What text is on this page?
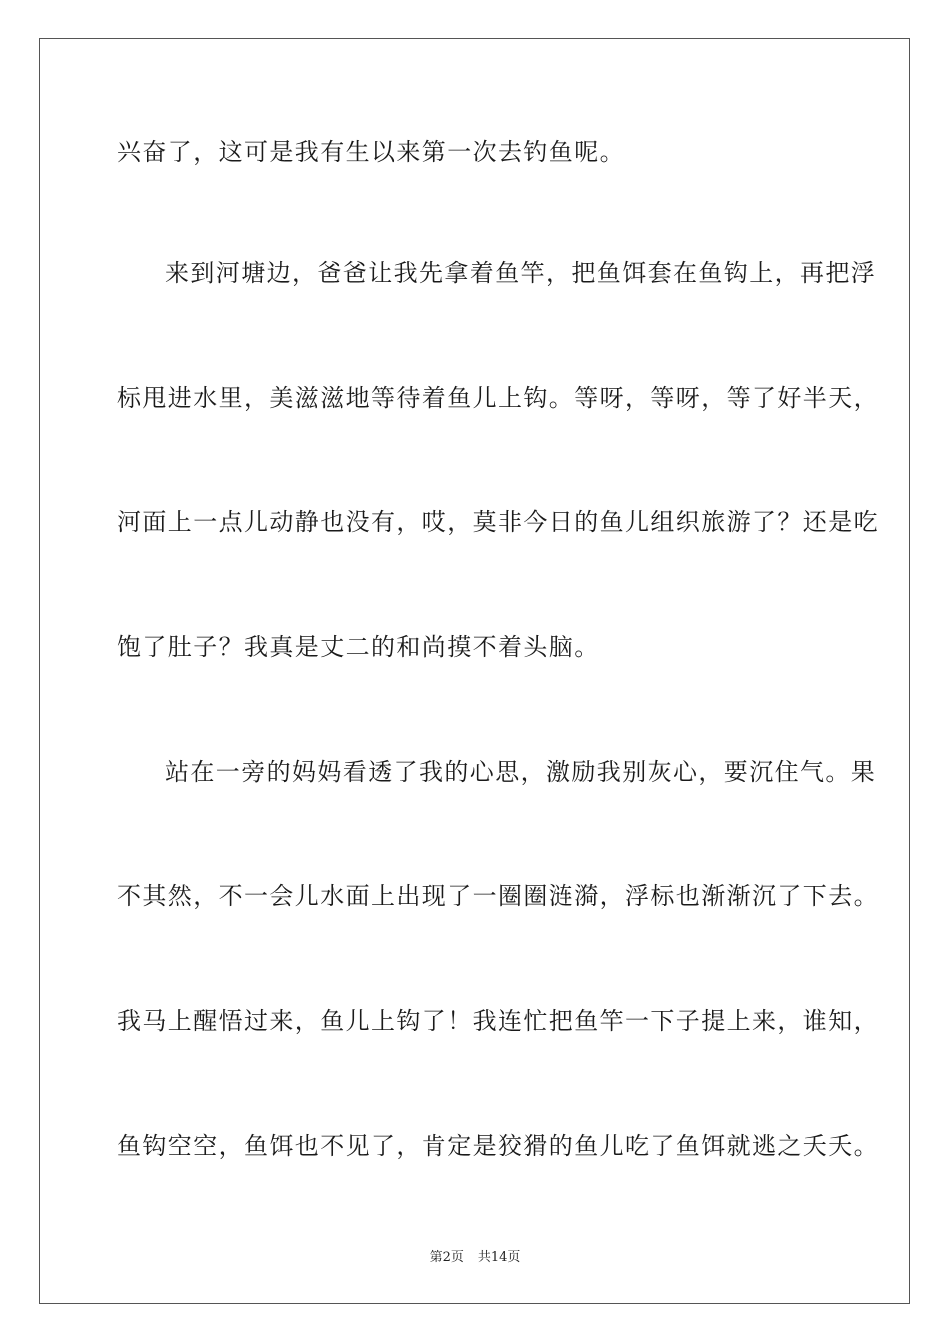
兴奋了，这可是我有生以来第一次去钓鱼呢。
来到河塘边，爸爸让我先拿着鱼竿，把鱼饵套在鱼钩上，再把浮
标甩进水里，美滋滋地等待着鱼儿上钩。等呀，等呀，等了好半天，
河面上一点儿动静也没有，哎，莫非今日的鱼儿组织旅游了？还是吃
饱了肚子？我真是丈二的和尚摸不着头脑。
站在一旁的妈妈看透了我的心思，激励我别灰心，要沉住气。果
不其然，不一会儿水面上出现了一圈圈涟漪，浮标也渐渐沉了下去。
我马上醒悟过来，鱼儿上钩了！我连忙把鱼竿一下子提上来，谁知，
鱼钩空空，鱼饵也不见了，肯定是狡猾的鱼儿吃了鱼饵就逃之夭夭。
第2页 共14页
